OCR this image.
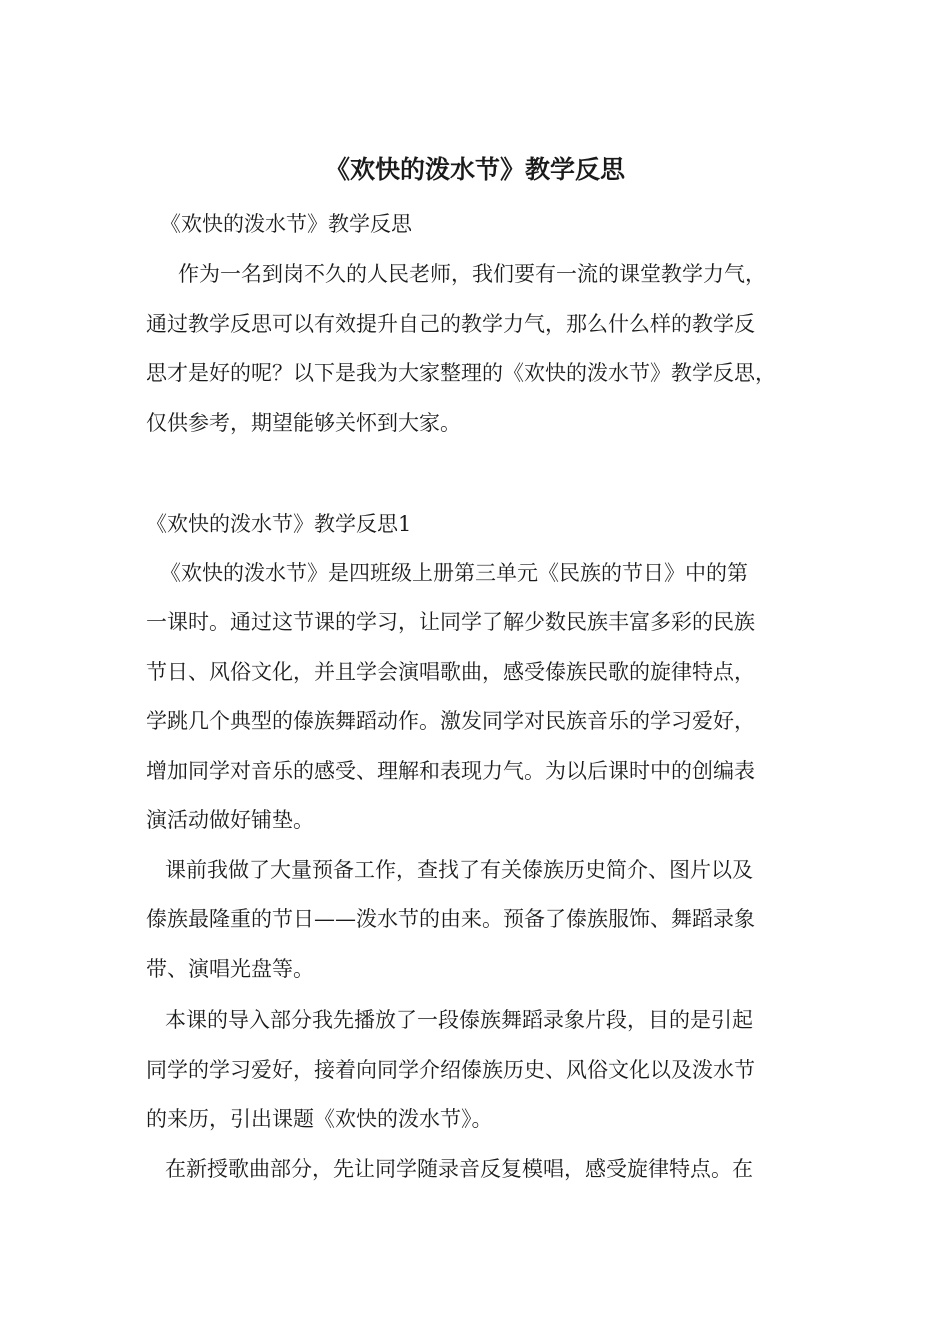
《欢快的泼水节》教学反思

《欢快的泼水节》教学反思

作为一名到岗不久的人民老师，我们要有一流的课堂教学力气，

通过教学反思可以有效提升自己的教学力气，那么什么样的教学反

思才是好的呢？以下是我为大家整理的《欢快的泼水节》教学反思，

仅供参考，期望能够关怀到大家。

《欢快的泼水节》教学反思1

《欢快的泼水节》是四班级上册第三单元《民族的节日》中的第

一课时。通过这节课的学习，让同学了解少数民族丰富多彩的民族

节日、风俗文化，并且学会演唱歌曲，感受傣族民歌的旋律特点，

学跳几个典型的傣族舞蹈动作。激发同学对民族音乐的学习爱好，

增加同学对音乐的感受、理解和表现力气。为以后课时中的创编表

演活动做好铺垫。

课前我做了大量预备工作，查找了有关傣族历史简介、图片以及

傣族最隆重的节日——泼水节的由来。预备了傣族服饰、舞蹈录象

带、演唱光盘等。

本课的导入部分我先播放了一段傣族舞蹈录象片段，目的是引起

同学的学习爱好，接着向同学介绍傣族历史、风俗文化以及泼水节

的来历，引出课题《欢快的泼水节》。

在新授歌曲部分，先让同学随录音反复模唱，感受旋律特点。在
